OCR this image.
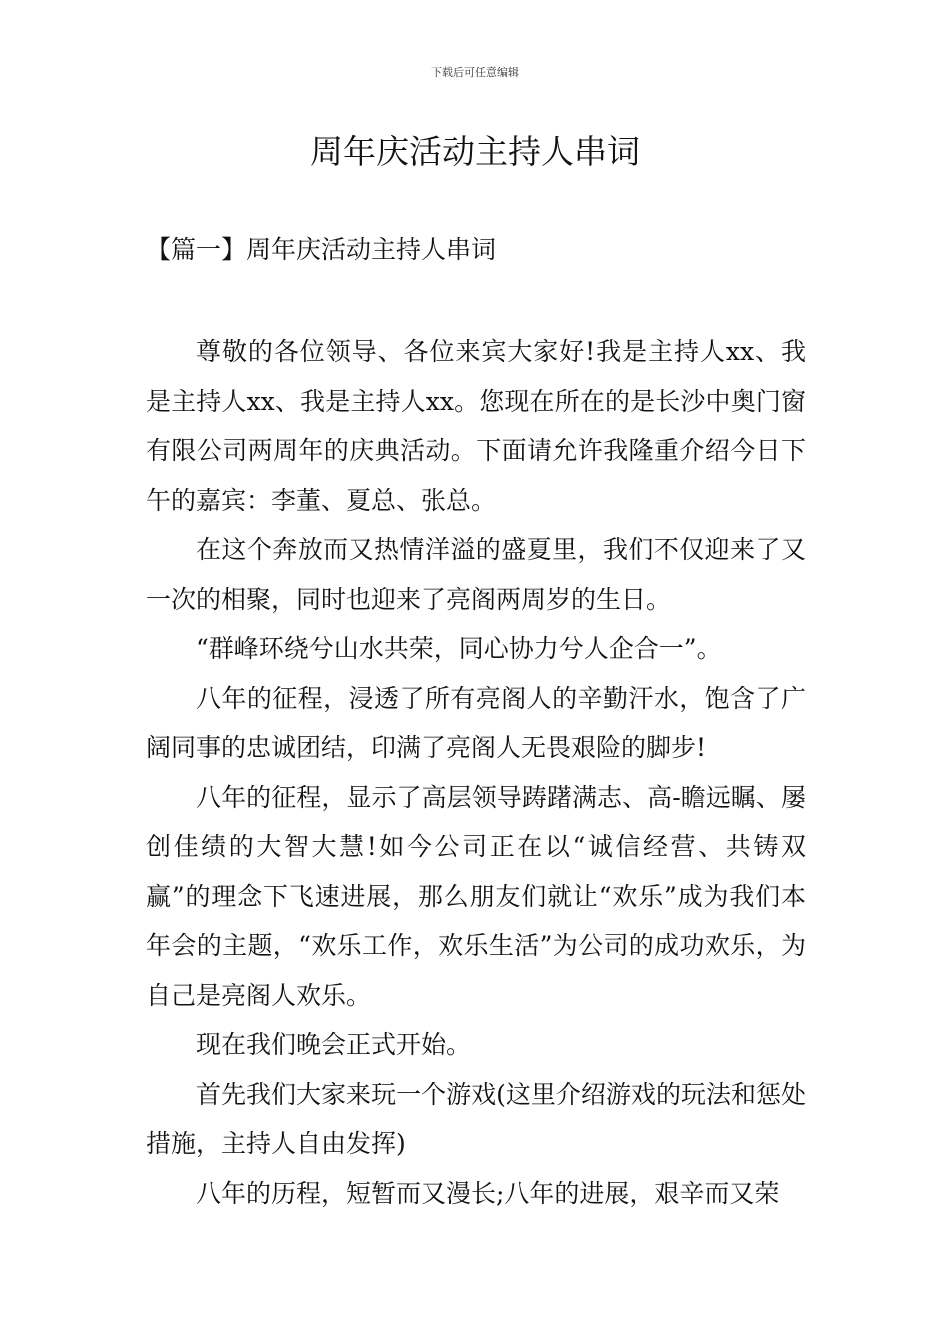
下载后可任意编辑
周年庆活动主持人串词
【篇一】周年庆活动主持人串词

尊敬的各位领导、各位来宾大家好!我是主持人xx、我是主持人xx、我是主持人xx。您现在所在的是长沙中奥门窗有限公司两周年的庆典活动。下面请允许我隆重介绍今日下午的嘉宾：李董、夏总、张总。

在这个奔放而又热情洋溢的盛夏里，我们不仅迎来了又一次的相聚，同时也迎来了亮阁两周岁的生日。

“群峰环绕兮山水共荣，同心协力兮人企合一”。

八年的征程，浸透了所有亮阁人的辛勤汗水，饱含了广阔同事的忠诚团结，印满了亮阁人无畏艰险的脚步!

八年的征程，显示了高层领导踌躇满志、高-瞻远瞩、屡创佳绩的大智大慧!如今公司正在以“诚信经营、共铸双赢”的理念下飞速进展，那么朋友们就让“欢乐”成为我们本年会的主题，“欢乐工作，欢乐生活”为公司的成功欢乐，为自己是亮阁人欢乐。

现在我们晚会正式开始。

首先我们大家来玩一个游戏(这里介绍游戏的玩法和惩处措施，主持人自由发挥)

八年的历程，短暂而又漫长;八年的进展，艰辛而又荣
